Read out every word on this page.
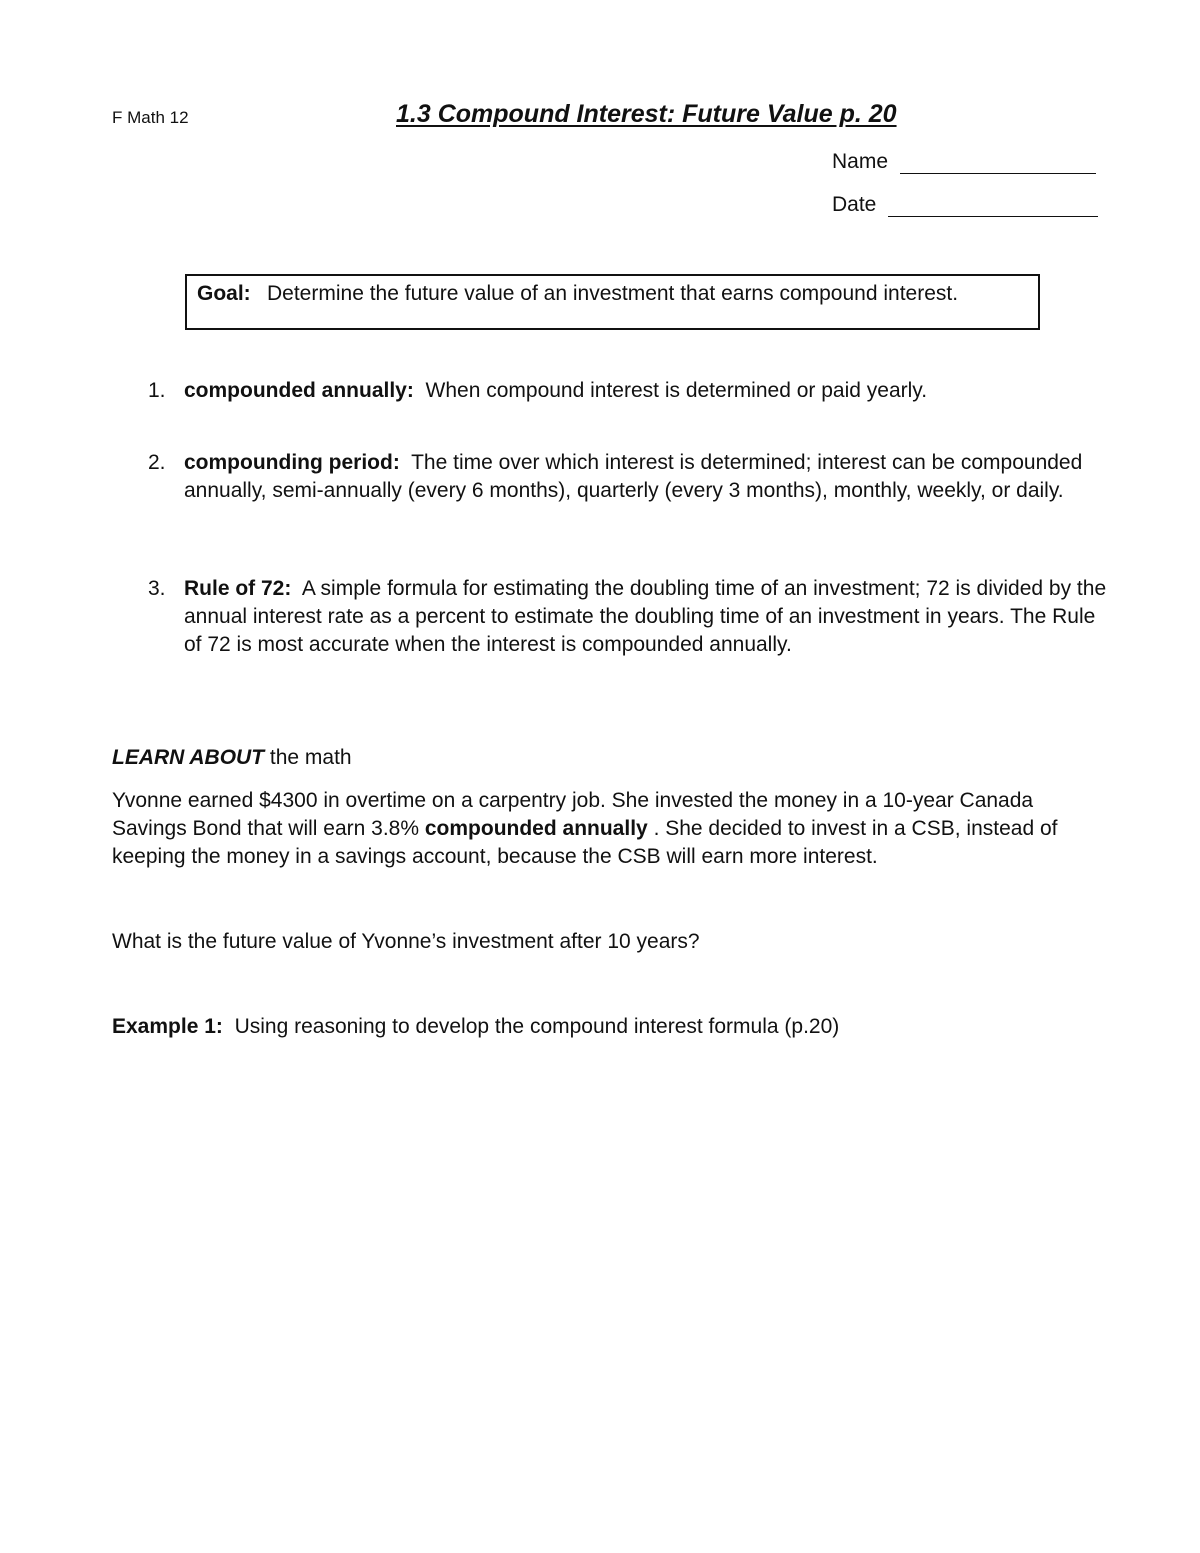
F Math 12	1.3 Compound Interest: Future Value p. 20
Name
Date
Goal: Determine the future value of an investment that earns compound interest.
1. compounded annually: When compound interest is determined or paid yearly.
2. compounding period: The time over which interest is determined; interest can be compounded annually, semi-annually (every 6 months), quarterly (every 3 months), monthly, weekly, or daily.
3. Rule of 72: A simple formula for estimating the doubling time of an investment; 72 is divided by the annual interest rate as a percent to estimate the doubling time of an investment in years. The Rule of 72 is most accurate when the interest is compounded annually.
LEARN ABOUT the math
Yvonne earned $4300 in overtime on a carpentry job. She invested the money in a 10-year Canada Savings Bond that will earn 3.8% compounded annually . She decided to invest in a CSB, instead of keeping the money in a savings account, because the CSB will earn more interest.
What is the future value of Yvonne’s investment after 10 years?
Example 1: Using reasoning to develop the compound interest formula (p.20)
